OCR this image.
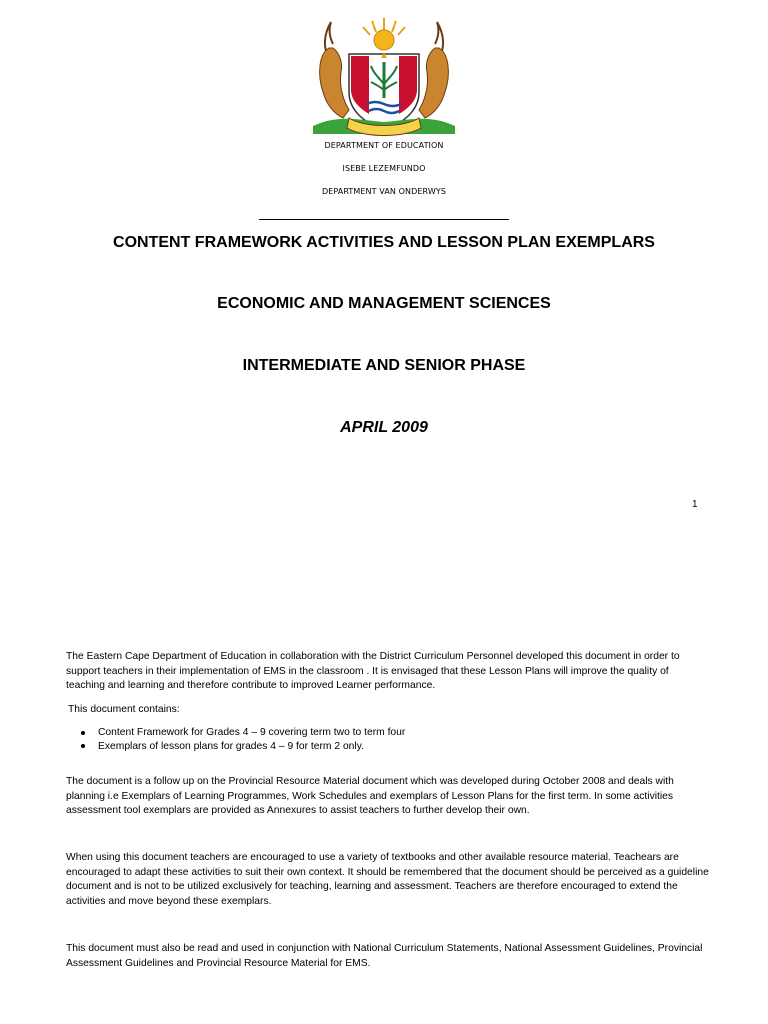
DEPARTMENT OF EDUCATION
ISEBE LEZEMFUNDO
DEPARTMENT VAN ONDERWYS
CONTENT FRAMEWORK ACTIVITIES AND LESSON PLAN EXEMPLARS
ECONOMIC AND MANAGEMENT SCIENCES
INTERMEDIATE AND SENIOR PHASE
APRIL 2009
1

The Eastern Cape Department of Education in collaboration with the District Curriculum Personnel developed this document in order to support teachers in their implementation of EMS in the classroom . It is envisaged that these Lesson Plans will improve the quality of teaching and learning and therefore contribute to improved Learner performance.

This document contains:

Content Framework for Grades 4 – 9 covering term two to term four
Exemplars of lesson plans for grades 4 – 9 for term 2 only.

The document is a follow up on the Provincial Resource Material document which was developed during October 2008 and deals with planning i.e Exemplars of Learning Programmes, Work Schedules and exemplars of Lesson Plans for the first term. In some activities assessment tool exemplars are provided as Annexures to assist teachers to further develop their own.

When using this document teachers are encouraged to use a variety of textbooks and other available resource material. Teachears are encouraged to adapt these activities to suit their own context. It should be remembered that the document should be perceived as a guideline document and is not to be utilized exclusively for teaching, learning and assessment. Teachers are therefore encouraged to extend the activities and move beyond these exemplars.

This document must also be read and used in conjunction with National Curriculum Statements, National Assessment Guidelines, Provincial Assessment Guidelines and Provincial Resource Material for EMS.
